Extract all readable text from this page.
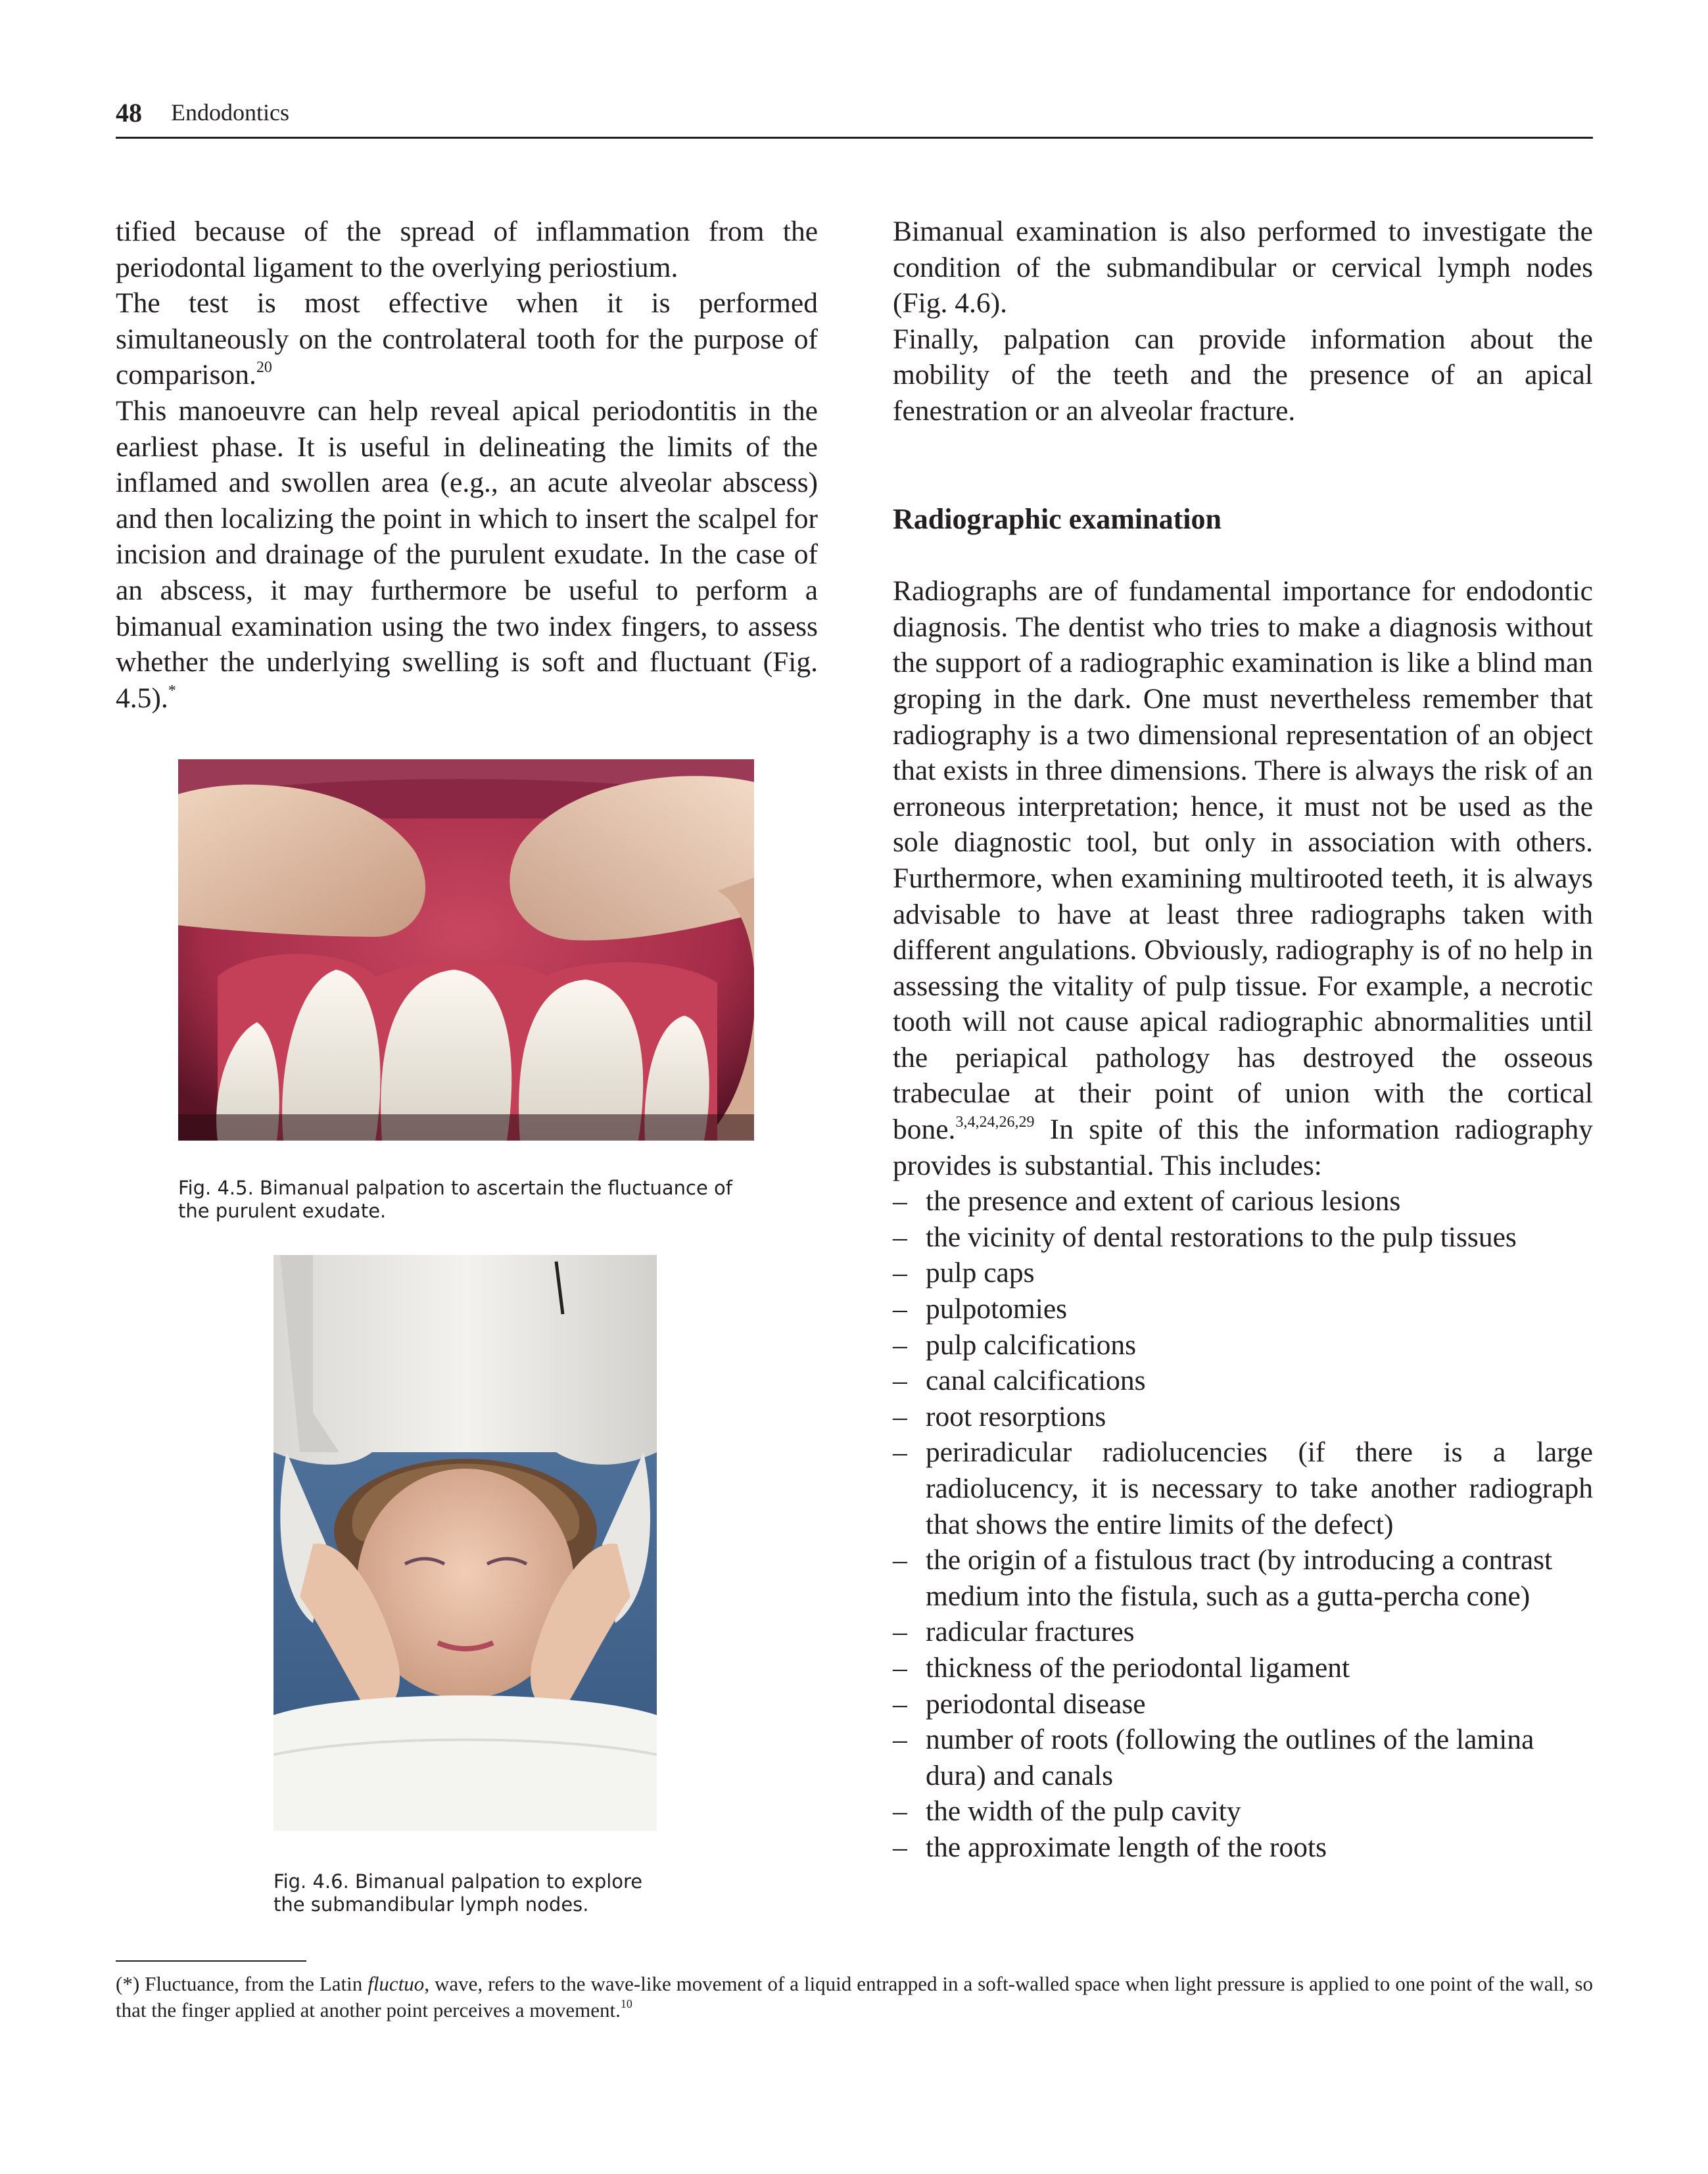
48 Endodontics

tified because of the spread of inflammation from the periodontal ligament to the overlying periostium.

The test is most effective when it is performed simultaneously on the controlateral tooth for the purpose of comparison.$^{20}$

This manoeuvre can help reveal apical periodontitis in the earliest phase. It is useful in delineating the limits of the inflamed and swollen area (e.g., an acute alveolar abscess) and then localizing the point in which to insert the scalpel for incision and drainage of the purulent exudate. In the case of an abscess, it may furthermore be useful to perform a bimanual examination using the two index fingers, to assess whether the underlying swelling is soft and fluctuant (Fig. 4.5).*

Fig. 4.5. Bimanual palpation to ascertain the fluctuance of the purulent exudate.
Fig. 4.6. Bimanual palpation to explore the submandibular lymph nodes.

Bimanual examination is also performed to investigate the condition of the submandibular or cervical lymph nodes (Fig. 4.6).

Finally, palpation can provide information about the mobility of the teeth and the presence of an apical fenestration or an alveolar fracture.

Radiographic examination

Radiographs are of fundamental importance for endodontic diagnosis. The dentist who tries to make a diagnosis without the support of a radiographic examination is like a blind man groping in the dark. One must nevertheless remember that radiography is a two dimensional representation of an object that exists in three dimensions. There is always the risk of an erroneous interpretation; hence, it must not be used as the sole diagnostic tool, but only in association with others. Furthermore, when examining multirooted teeth, it is always advisable to have at least three radiographs taken with different angulations. Obviously, radiography is of no help in assessing the vitality of pulp tissue. For example, a necrotic tooth will not cause apical radiographic abnormalities until the periapical pathology has destroyed the osseous trabeculae at their point of union with the cortical bone.$^{3,4,24,26,29}$ In spite of this the information radiography provides is substantial. This includes:

– the presence and extent of carious lesions
– the vicinity of dental restorations to the pulp tissues
– pulp caps
– pulpotomies
– pulp calcifications
– canal calcifications
– root resorptions
– periradicular radiolucencies (if there is a large radiolucency, it is necessary to take another radiograph that shows the entire limits of the defect)
– the origin of a fistulous tract (by introducing a contrast medium into the fistula, such as a gutta-percha cone)
– radicular fractures
– thickness of the periodontal ligament
– periodontal disease
– number of roots (following the outlines of the lamina dura) and canals
– the width of the pulp cavity
– the approximate length of the roots
(*) Fluctuance, from the Latin fluctuo, wave, refers to the wave-like movement of a liquid entrapped in a soft-walled space when light pressure is applied to one point of the wall, so that the finger applied at another point perceives a movement.$^{10}$
